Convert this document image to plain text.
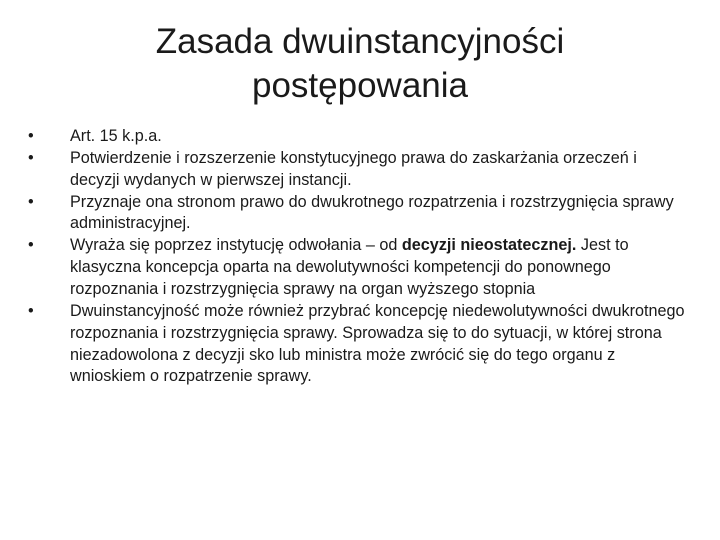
Zasada dwuinstancyjności
postępowania
•	Art. 15 k.p.a.
•	Potwierdzenie i rozszerzenie konstytucyjnego prawa do zaskarżania orzeczeń i decyzji wydanych w pierwszej instancji.
•	Przyznaje ona stronom prawo do dwukrotnego rozpatrzenia i rozstrzygnięcia sprawy administracyjnej.
•	Wyraża się poprzez instytucję odwołania – od decyzji nieostatecznej. Jest to klasyczna koncepcja oparta na dewolutywności kompetencji do ponownego rozpoznania i rozstrzygnięcia sprawy na organ wyższego stopnia
•	Dwuinstancyjność może również przybrać koncepcję niedewolutywności dwukrotnego rozpoznania i rozstrzygnięcia sprawy. Sprowadza się to do sytuacji, w której strona niezadowolona z decyzji sko lub ministra może zwrócić się do tego organu z wnioskiem o rozpatrzenie sprawy.
